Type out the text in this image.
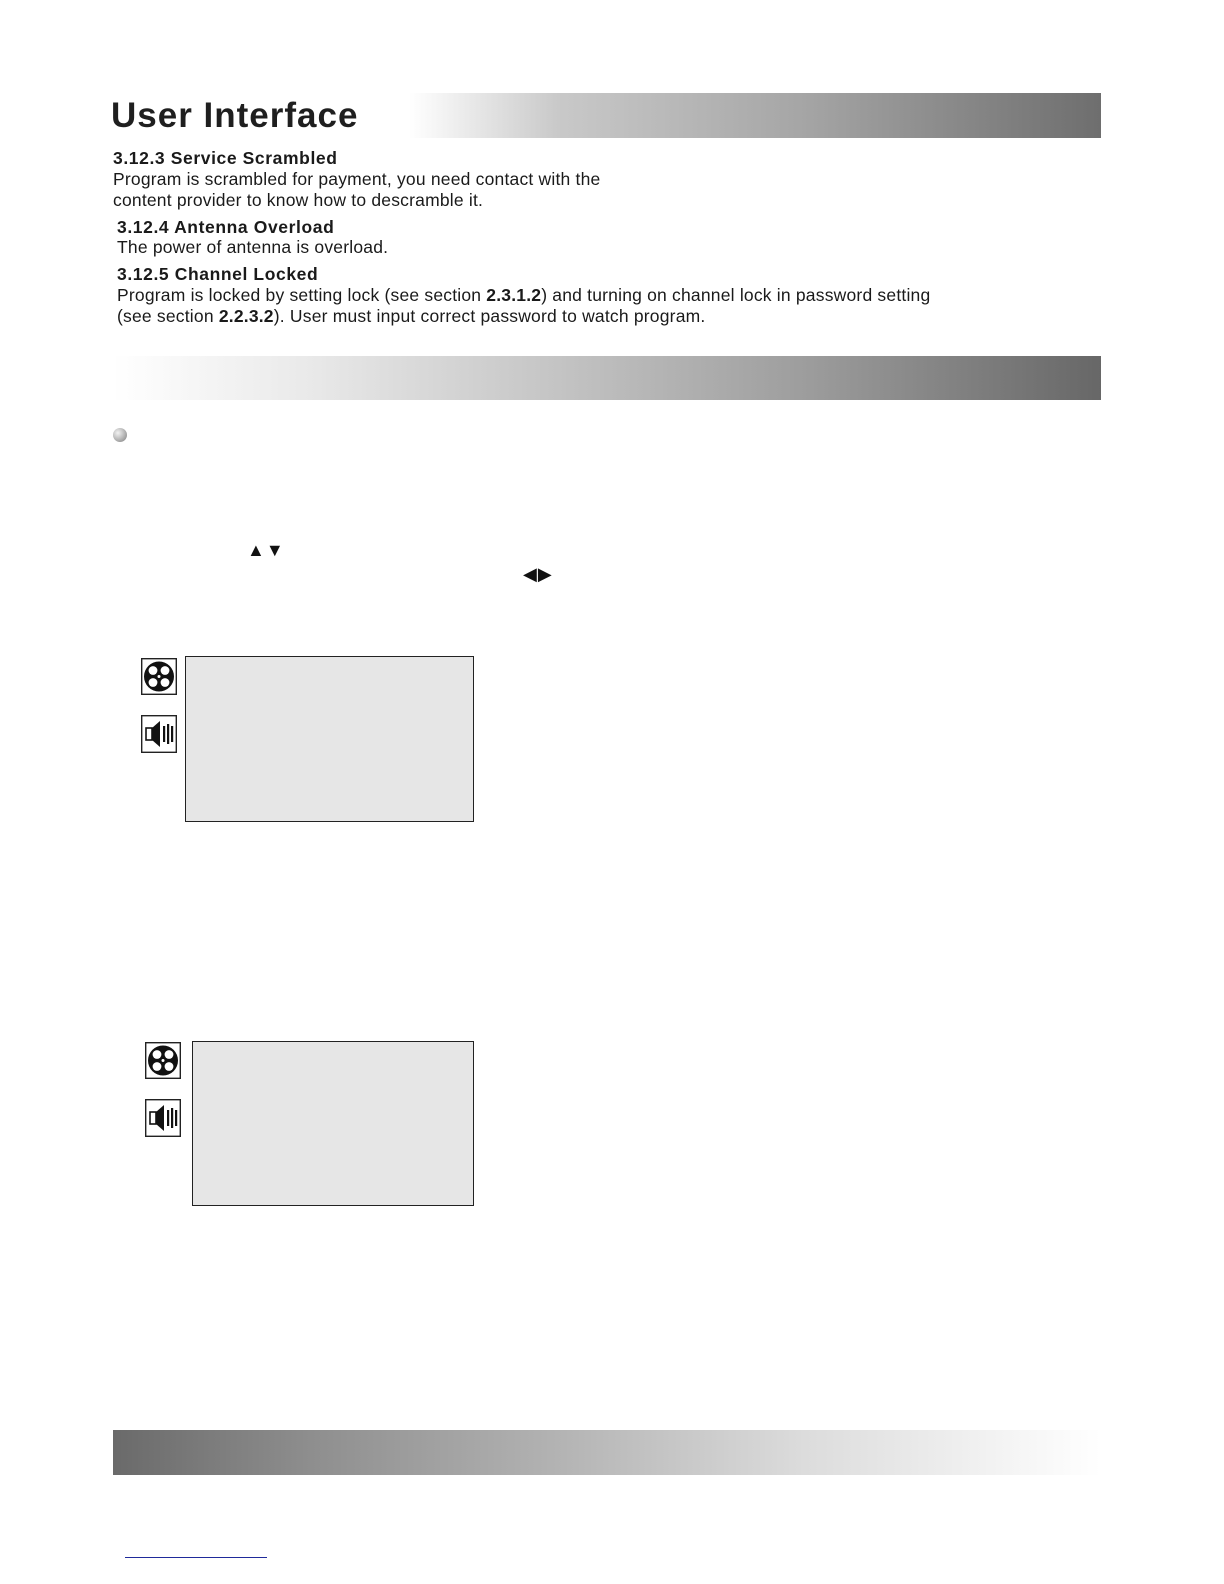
User Interface
3.12.3 Service Scrambled
Program is scrambled for payment, you need contact with the
content provider to know how to descramble it.
3.12.4 Antenna Overload
The power of antenna is overload.
3.12.5 Channel Locked
Program is locked by setting lock (see section 2.3.1.2) and turning on channel lock in password setting
(see section 2.2.3.2). User must input correct password to watch program.
▲▼
◀▶
